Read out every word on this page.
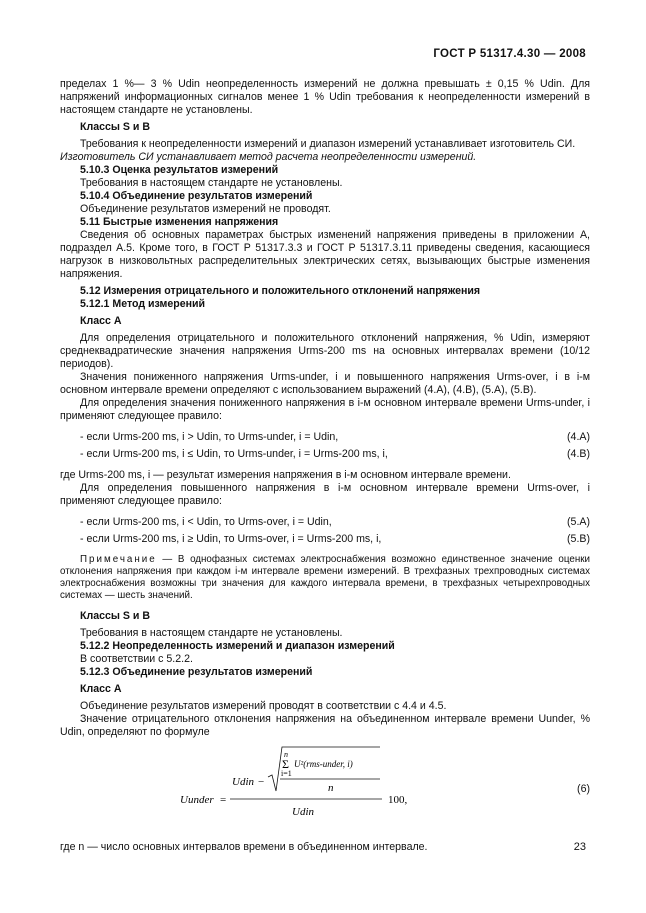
ГОСТ Р 51317.4.30 — 2008

пределах 1 %— 3 % Udin неопределенность измерений не должна превышать ± 0,15 % Udin. Для напряжений информационных сигналов менее 1 % Udin требования к неопределенности измерений в настоящем стандарте не установлены.

Классы S и B

Требования к неопределенности измерений и диапазон измерений устанавливает изготовитель СИ.

Изготовитель СИ устанавливает метод расчета неопределенности измерений.

5.10.3 Оценка результатов измерений

Требования в настоящем стандарте не установлены.

5.10.4 Объединение результатов измерений

Объединение результатов измерений не проводят.

5.11 Быстрые изменения напряжения

Сведения об основных параметрах быстрых изменений напряжения приведены в приложении А, подраздел А.5. Кроме того, в ГОСТ Р 51317.3.3 и ГОСТ Р 51317.3.11 приведены сведения, касающиеся нагрузок в низковольтных распределительных электрических сетях, вызывающих быстрые изменения напряжения.

5.12 Измерения отрицательного и положительного отклонений напряжения

5.12.1 Метод измерений

Класс А

Для определения отрицательного и положительного отклонений напряжения, % Udin, измеряют среднеквадратические значения напряжения Urms-200 ms на основных интервалах времени (10/12 периодов).

Значения пониженного напряжения Urms-under, i и повышенного напряжения Urms-over, i в i-м основном интервале времени определяют с использованием выражений (4.А), (4.В), (5.А), (5.В).

Для определения значения пониженного напряжения в i-м основном интервале времени Urms-under, i применяют следующее правило:

- если Urms-200 ms, i > Udin, то Urms-under, i = Udin,	(4.А)
- если Urms-200 ms, i ≤ Udin, то Urms-under, i = Urms-200 ms, i,	(4.В)

где Urms-200 ms, i — результат измерения напряжения в i-м основном интервале времени.

Для определения повышенного напряжения в i-м основном интервале времени Urms-over, i применяют следующее правило:

- если Urms-200 ms, i < Udin, то Urms-over, i = Udin,	(5.А)
- если Urms-200 ms, i ≥ Udin, то Urms-over, i = Urms-200 ms, i,	(5.В)

Примечание — В однофазных системах электроснабжения возможно единственное значение оценки отклонения напряжения при каждом i-м интервале времени измерений. В трехфазных трехпроводных системах электроснабжения возможны три значения для каждого интервала времени, в трехфазных четырехпроводных системах — шесть значений.

Классы S и B

Требования в настоящем стандарте не установлены.

5.12.2 Неопределенность измерений и диапазон измерений

В соответствии с 5.2.2.

5.12.3 Объединение результатов измерений

Класс А

Объединение результатов измерений проводят в соответствии с 4.4 и 4.5.

Значение отрицательного отклонения напряжения на объединенном интервале времени Uunder, % Udin, определяют по формуле

Uunder =
Udin −
n
Σ
i=1
U²(rms-under, i)
n
Udin
100,
(6)

где n — число основных интервалов времени в объединенном интервале.	23
